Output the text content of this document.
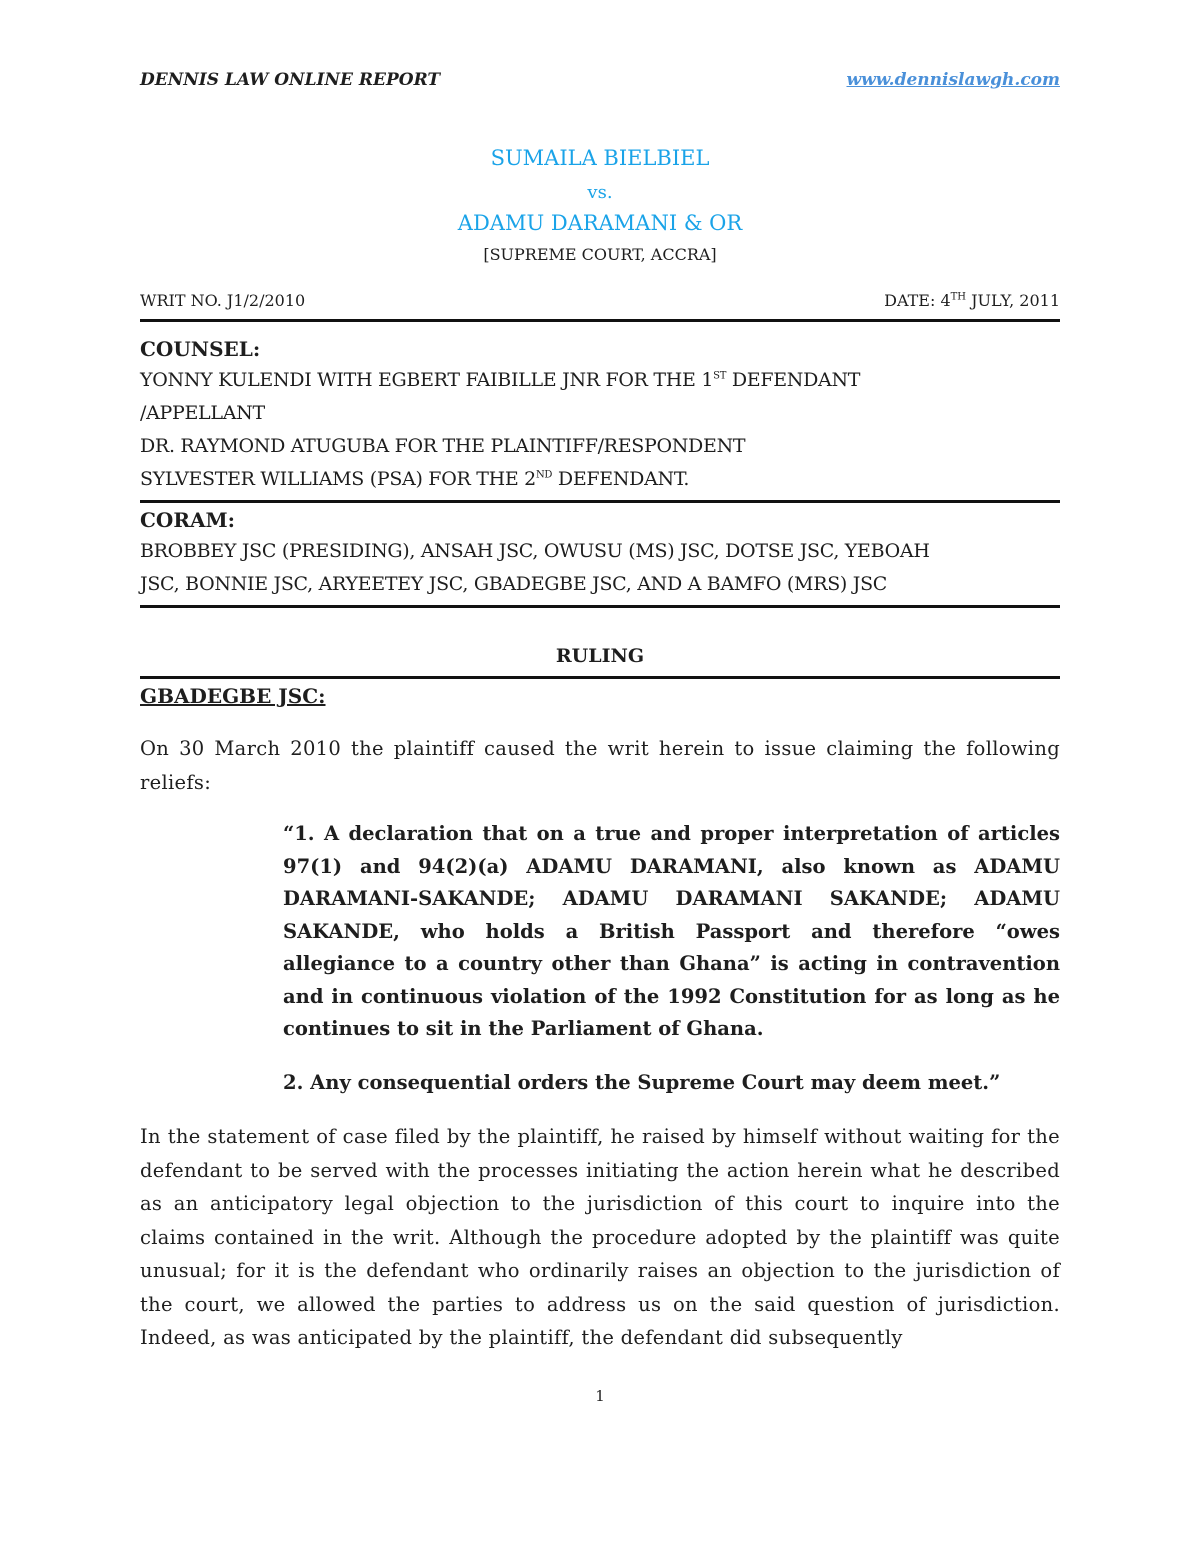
DENNIS LAW ONLINE REPORT	www.dennislawgh.com
SUMAILA BIELBIEL
vs.
ADAMU DARAMANI & OR
[SUPREME COURT, ACCRA]
WRIT NO. J1/2/2010	DATE: 4TH JULY, 2011
COUNSEL:
YONNY KULENDI WITH EGBERT FAIBILLE JNR FOR THE 1ST DEFENDANT
/APPELLANT
DR. RAYMOND ATUGUBA FOR THE PLAINTIFF/RESPONDENT
SYLVESTER WILLIAMS (PSA) FOR THE 2ND DEFENDANT.
CORAM:
BROBBEY JSC (PRESIDING), ANSAH JSC, OWUSU (MS) JSC, DOTSE JSC, YEBOAH
JSC, BONNIE JSC, ARYEETEY JSC, GBADEGBE JSC, AND A BAMFO (MRS) JSC
RULING
GBADEGBE JSC:
On 30 March 2010 the plaintiff caused the writ herein to issue claiming the following reliefs:
“1. A declaration that on a true and proper interpretation of articles 97(1) and 94(2)(a) ADAMU DARAMANI, also known as ADAMU DARAMANI-SAKANDE; ADAMU DARAMANI SAKANDE; ADAMU SAKANDE, who holds a British Passport and therefore “owes allegiance to a country other than Ghana” is acting in contravention and in continuous violation of the 1992 Constitution for as long as he continues to sit in the Parliament of Ghana.
2. Any consequential orders the Supreme Court may deem meet.”
In the statement of case filed by the plaintiff, he raised by himself without waiting for the defendant to be served with the processes initiating the action herein what he described as an anticipatory legal objection to the jurisdiction of this court to inquire into the claims contained in the writ. Although the procedure adopted by the plaintiff was quite unusual; for it is the defendant who ordinarily raises an objection to the jurisdiction of the court, we allowed the parties to address us on the said question of jurisdiction. Indeed, as was anticipated by the plaintiff, the defendant did subsequently
1
